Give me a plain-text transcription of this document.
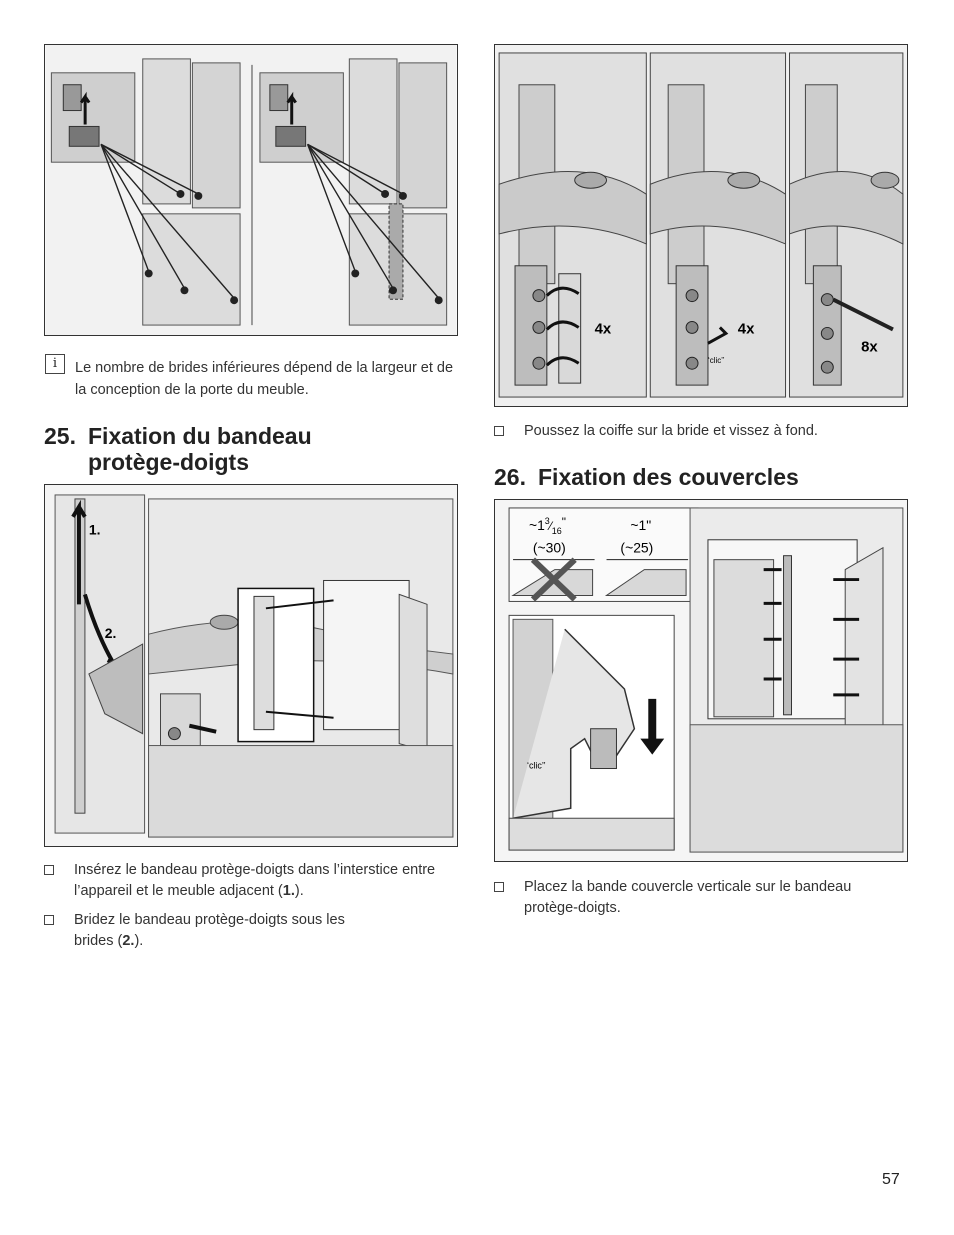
i	Le nombre de brides inférieures dépend de la largeur et de la conception de la porte du meuble.

25. Fixation du bandeau
protège-doigts
1.
2.
Insérez le bandeau protège-doigts dans l’interstice entre l’appareil et le meuble adjacent (1.).
Bridez le bandeau protège-doigts sous les brides (2.).
4x	4x
‘clic’’
8x
Poussez la coiffe sur la bride et vissez à fond.
26. Fixation des couvercles
$\sim 1^3⁄_{16}$"
(~30)
~1"
(~25)
‘clic’’
Placez la bande couvercle verticale sur le bandeau protège-doigts.
57
